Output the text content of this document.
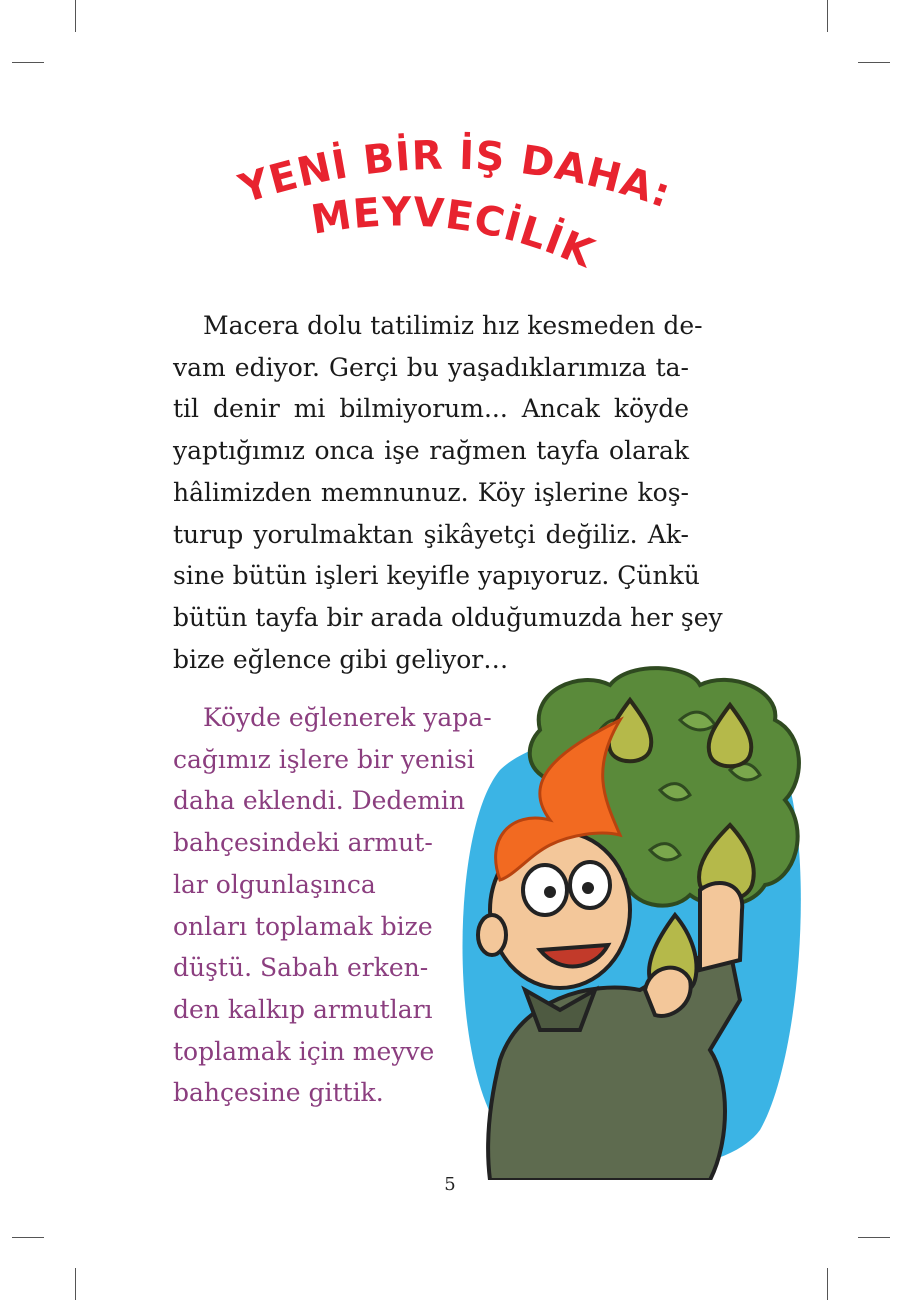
YENİ BİR İŞ DAHA:
MEYVECİLİK

Macera dolu tatilimiz hız kesmeden de-
vam ediyor. Gerçi bu yaşadıklarımıza ta-
til denir mi bilmiyorum... Ancak köyde
yaptığımız onca işe rağmen tayfa olarak
hâlimizden memnunuz. Köy işlerine koş-
turup yorulmaktan şikâyetçi değiliz. Ak-
sine bütün işleri keyifle yapıyoruz. Çünkü
bütün tayfa bir arada olduğumuzda her şey
bize eğlence gibi geliyor…

Köyde eğlenerek yapa-
cağımız işlere bir yenisi
daha eklendi. Dedemin
bahçesindeki armut-
lar olgunlaşınca
onları toplamak bize
düştü. Sabah erken-
den kalkıp armutları
toplamak için meyve
bahçesine gittik.

5
